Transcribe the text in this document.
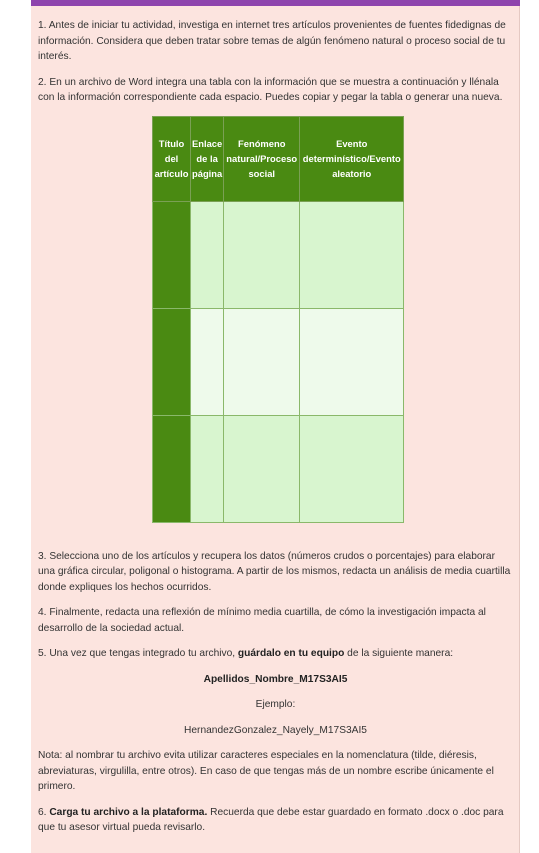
1. Antes de iniciar tu actividad, investiga en internet tres artículos provenientes de fuentes fidedignas de información. Considera que deben tratar sobre temas de algún fenómeno natural o proceso social de tu interés.

2. En un archivo de Word integra una tabla con la información que se muestra a continuación y llénala con la información correspondiente cada espacio. Puedes copiar y pegar la tabla o generar una nueva.

Título del artículo	Enlace de la página	Fenómeno natural/Proceso social	Evento determinístico/Evento aleatorio

3. Selecciona uno de los artículos y recupera los datos (números crudos o porcentajes) para elaborar una gráfica circular, poligonal o histograma. A partir de los mismos, redacta un análisis de media cuartilla donde expliques los hechos ocurridos.

4. Finalmente, redacta una reflexión de mínimo media cuartilla, de cómo la investigación impacta al desarrollo de la sociedad actual.

5. Una vez que tengas integrado tu archivo, guárdalo en tu equipo de la siguiente manera:

Apellidos_Nombre_M17S3AI5

Ejemplo:

HernandezGonzalez_Nayely_M17S3AI5

Nota: al nombrar tu archivo evita utilizar caracteres especiales en la nomenclatura (tilde, diéresis, abreviaturas, virgulilla, entre otros). En caso de que tengas más de un nombre escribe únicamente el primero.

6. Carga tu archivo a la plataforma. Recuerda que debe estar guardado en formato .docx o .doc para que tu asesor virtual pueda revisarlo.
